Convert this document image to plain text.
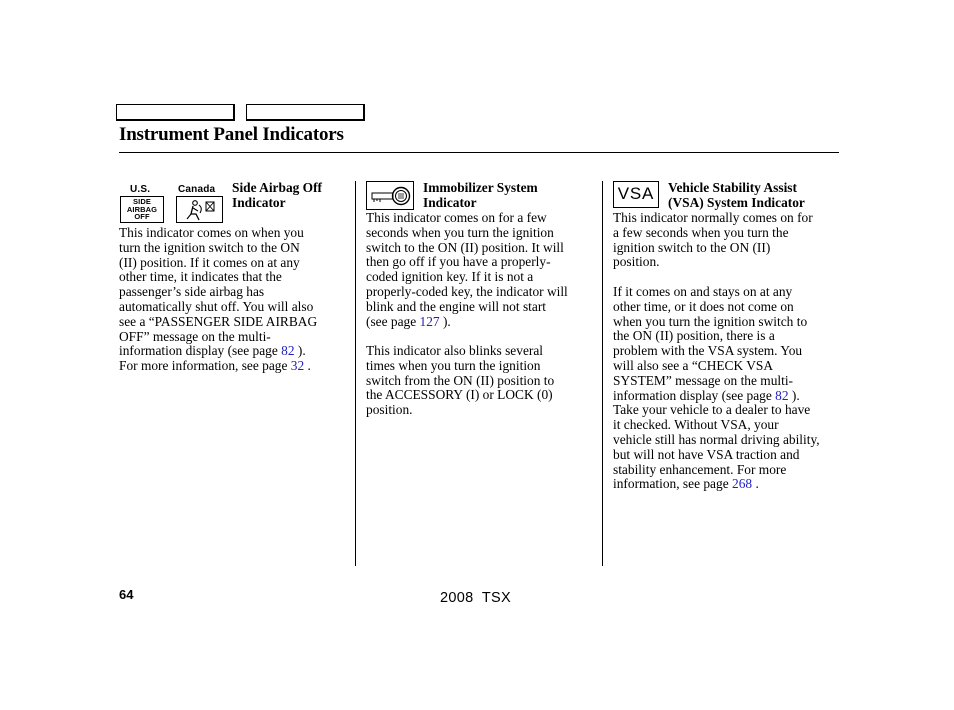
Instrument Panel Indicators
U.S.	Canada
SIDE
AIRBAG
OFF
Side Airbag Off
Indicator
This indicator comes on when you
turn the ignition switch to the ON
(II) position. If it comes on at any
other time, it indicates that the
passenger’s side airbag has
automatically shut off. You will also
see a “PASSENGER SIDE AIRBAG
OFF” message on the multi-
information display (see page 82 ).
For more information, see page 32 .
Immobilizer System
Indicator
This indicator comes on for a few
seconds when you turn the ignition
switch to the ON (II) position. It will
then go off if you have a properly-
coded ignition key. If it is not a
properly-coded key, the indicator will
blink and the engine will not start
(see page 127 ).
This indicator also blinks several
times when you turn the ignition
switch from the ON (II) position to
the ACCESSORY (I) or LOCK (0)
position.
VSA Vehicle Stability Assist
(VSA) System Indicator
This indicator normally comes on for
a few seconds when you turn the
ignition switch to the ON (II)
position.
If it comes on and stays on at any
other time, or it does not come on
when you turn the ignition switch to
the ON (II) position, there is a
problem with the VSA system. You
will also see a “CHECK VSA
SYSTEM” message on the multi-
information display (see page 82 ).
Take your vehicle to a dealer to have
it checked. Without VSA, your
vehicle still has normal driving ability,
but will not have VSA traction and
stability enhancement. For more
information, see page 268 .
64	2008  TSX
